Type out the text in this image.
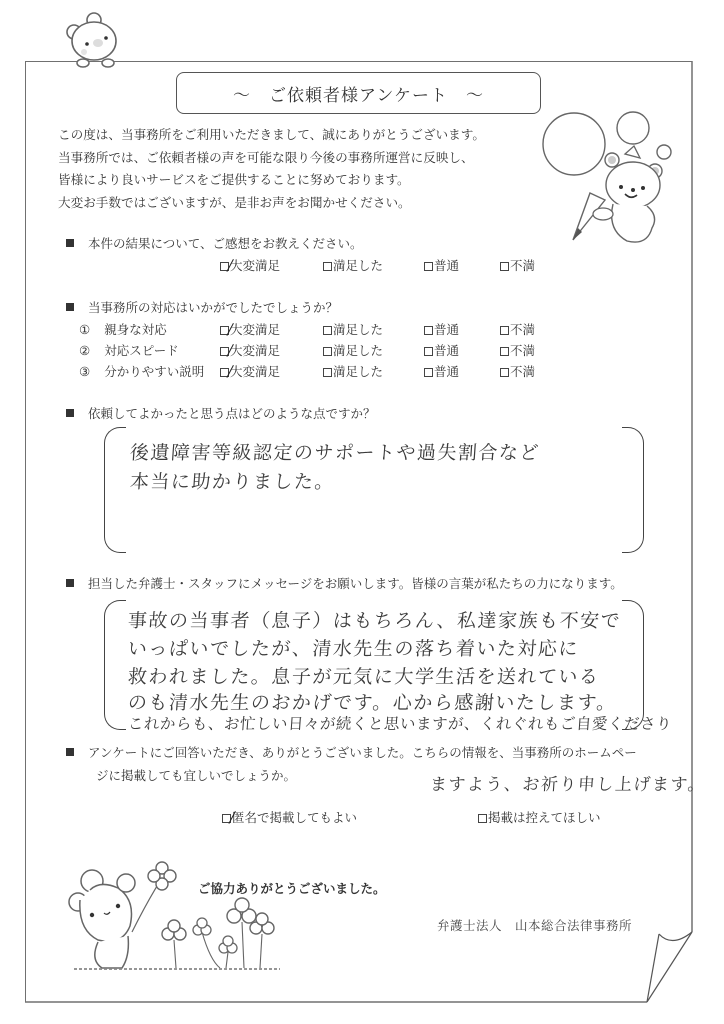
～　ご依頼者様アンケート　～
この度は、当事務所をご利用いただきまして、誠にありがとうございます。
当事務所では、ご依頼者様の声を可能な限り今後の事務所運営に反映し、
皆様により良いサービスをご提供することに努めております。
大変お手数ではございますが、是非お声をお聞かせください。
本件の結果について、ご感想をお教えください。
大変満足	満足した	普通	不満
当事務所の対応はいかがでしたでしょうか？
① 親身な対応	大変満足	満足した	普通	不満
② 対応スピード	大変満足	満足した	普通	不満
③ 分かりやすい説明	大変満足	満足した	普通	不満
依頼してよかったと思う点はどのような点ですか？
後遺障害等級認定のサポートや過失割合など
本当に助かりました。
担当した弁護士・スタッフにメッセージをお願いします。皆様の言葉が私たちの力になります。
事故の当事者（息子）はもちろん、私達家族も不安で
いっぱいでしたが、清水先生の落ち着いた対応に
救われました。息子が元気に大学生活を送れている
のも清水先生のおかげです。心から感謝いたします。
これからも、お忙しい日々が続くと思いますが、くれぐれもご自愛くださり
ますよう、お祈り申し上げます。
アンケートにご回答いただき、ありがとうございました。こちらの情報を、当事務所のホームペー
ジに掲載しても宜しいでしょうか。
匿名で掲載してもよい	掲載は控えてほしい
ご協力ありがとうございました。
弁護士法人　山本総合法律事務所
